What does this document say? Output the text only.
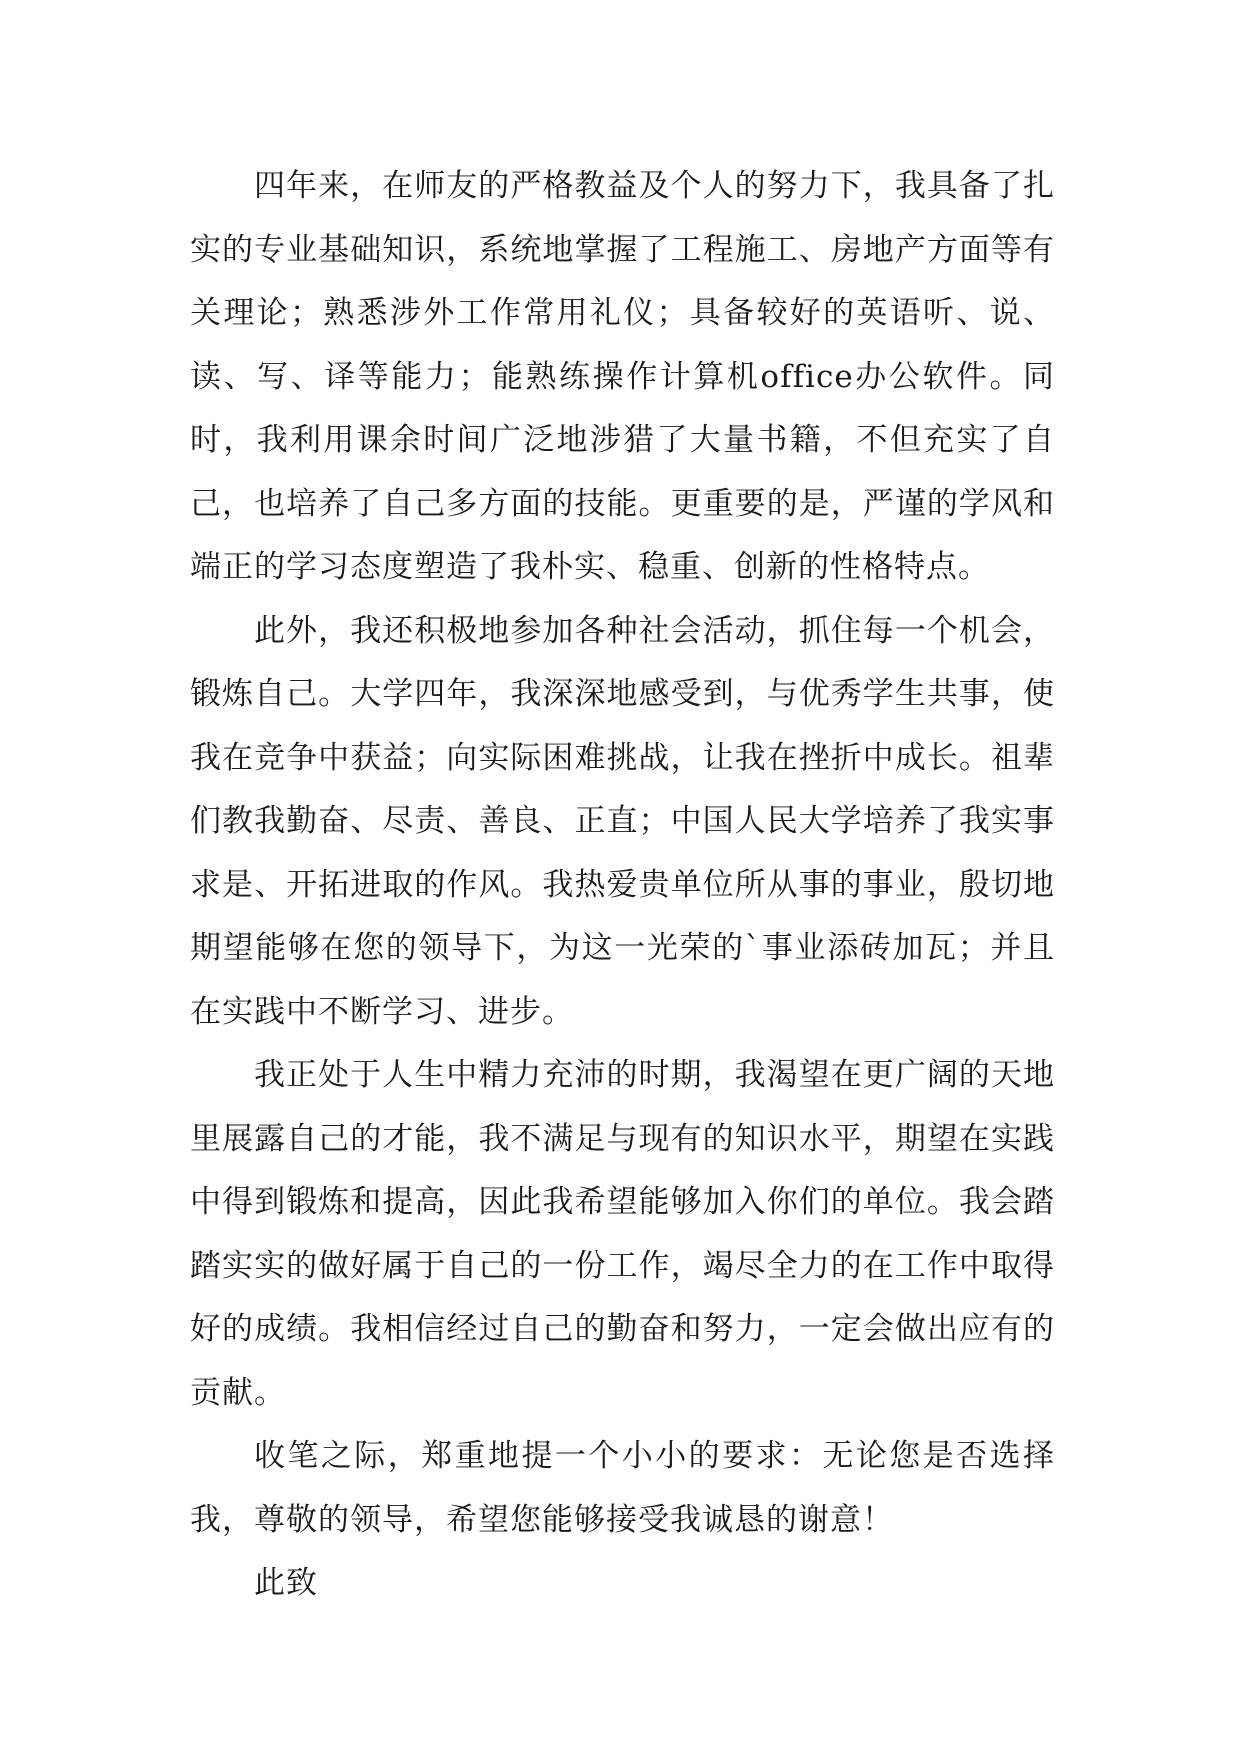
四年来，在师友的严格教益及个人的努力下，我具备了扎实的专业基础知识，系统地掌握了工程施工、房地产方面等有关理论；熟悉涉外工作常用礼仪；具备较好的英语听、说、读、写、译等能力；能熟练操作计算机office办公软件。同时，我利用课余时间广泛地涉猎了大量书籍，不但充实了自己，也培养了自己多方面的技能。更重要的是，严谨的学风和端正的学习态度塑造了我朴实、稳重、创新的性格特点。

此外，我还积极地参加各种社会活动，抓住每一个机会，锻炼自己。大学四年，我深深地感受到，与优秀学生共事，使我在竞争中获益；向实际困难挑战，让我在挫折中成长。祖辈们教我勤奋、尽责、善良、正直；中国人民大学培养了我实事求是、开拓进取的作风。我热爱贵单位所从事的事业，殷切地期望能够在您的领导下，为这一光荣的`事业添砖加瓦；并且在实践中不断学习、进步。

我正处于人生中精力充沛的时期，我渴望在更广阔的天地里展露自己的才能，我不满足与现有的知识水平，期望在实践中得到锻炼和提高，因此我希望能够加入你们的单位。我会踏踏实实的做好属于自己的一份工作，竭尽全力的在工作中取得好的成绩。我相信经过自己的勤奋和努力，一定会做出应有的贡献。

收笔之际，郑重地提一个小小的要求：无论您是否选择我，尊敬的领导，希望您能够接受我诚恳的谢意！

此致
